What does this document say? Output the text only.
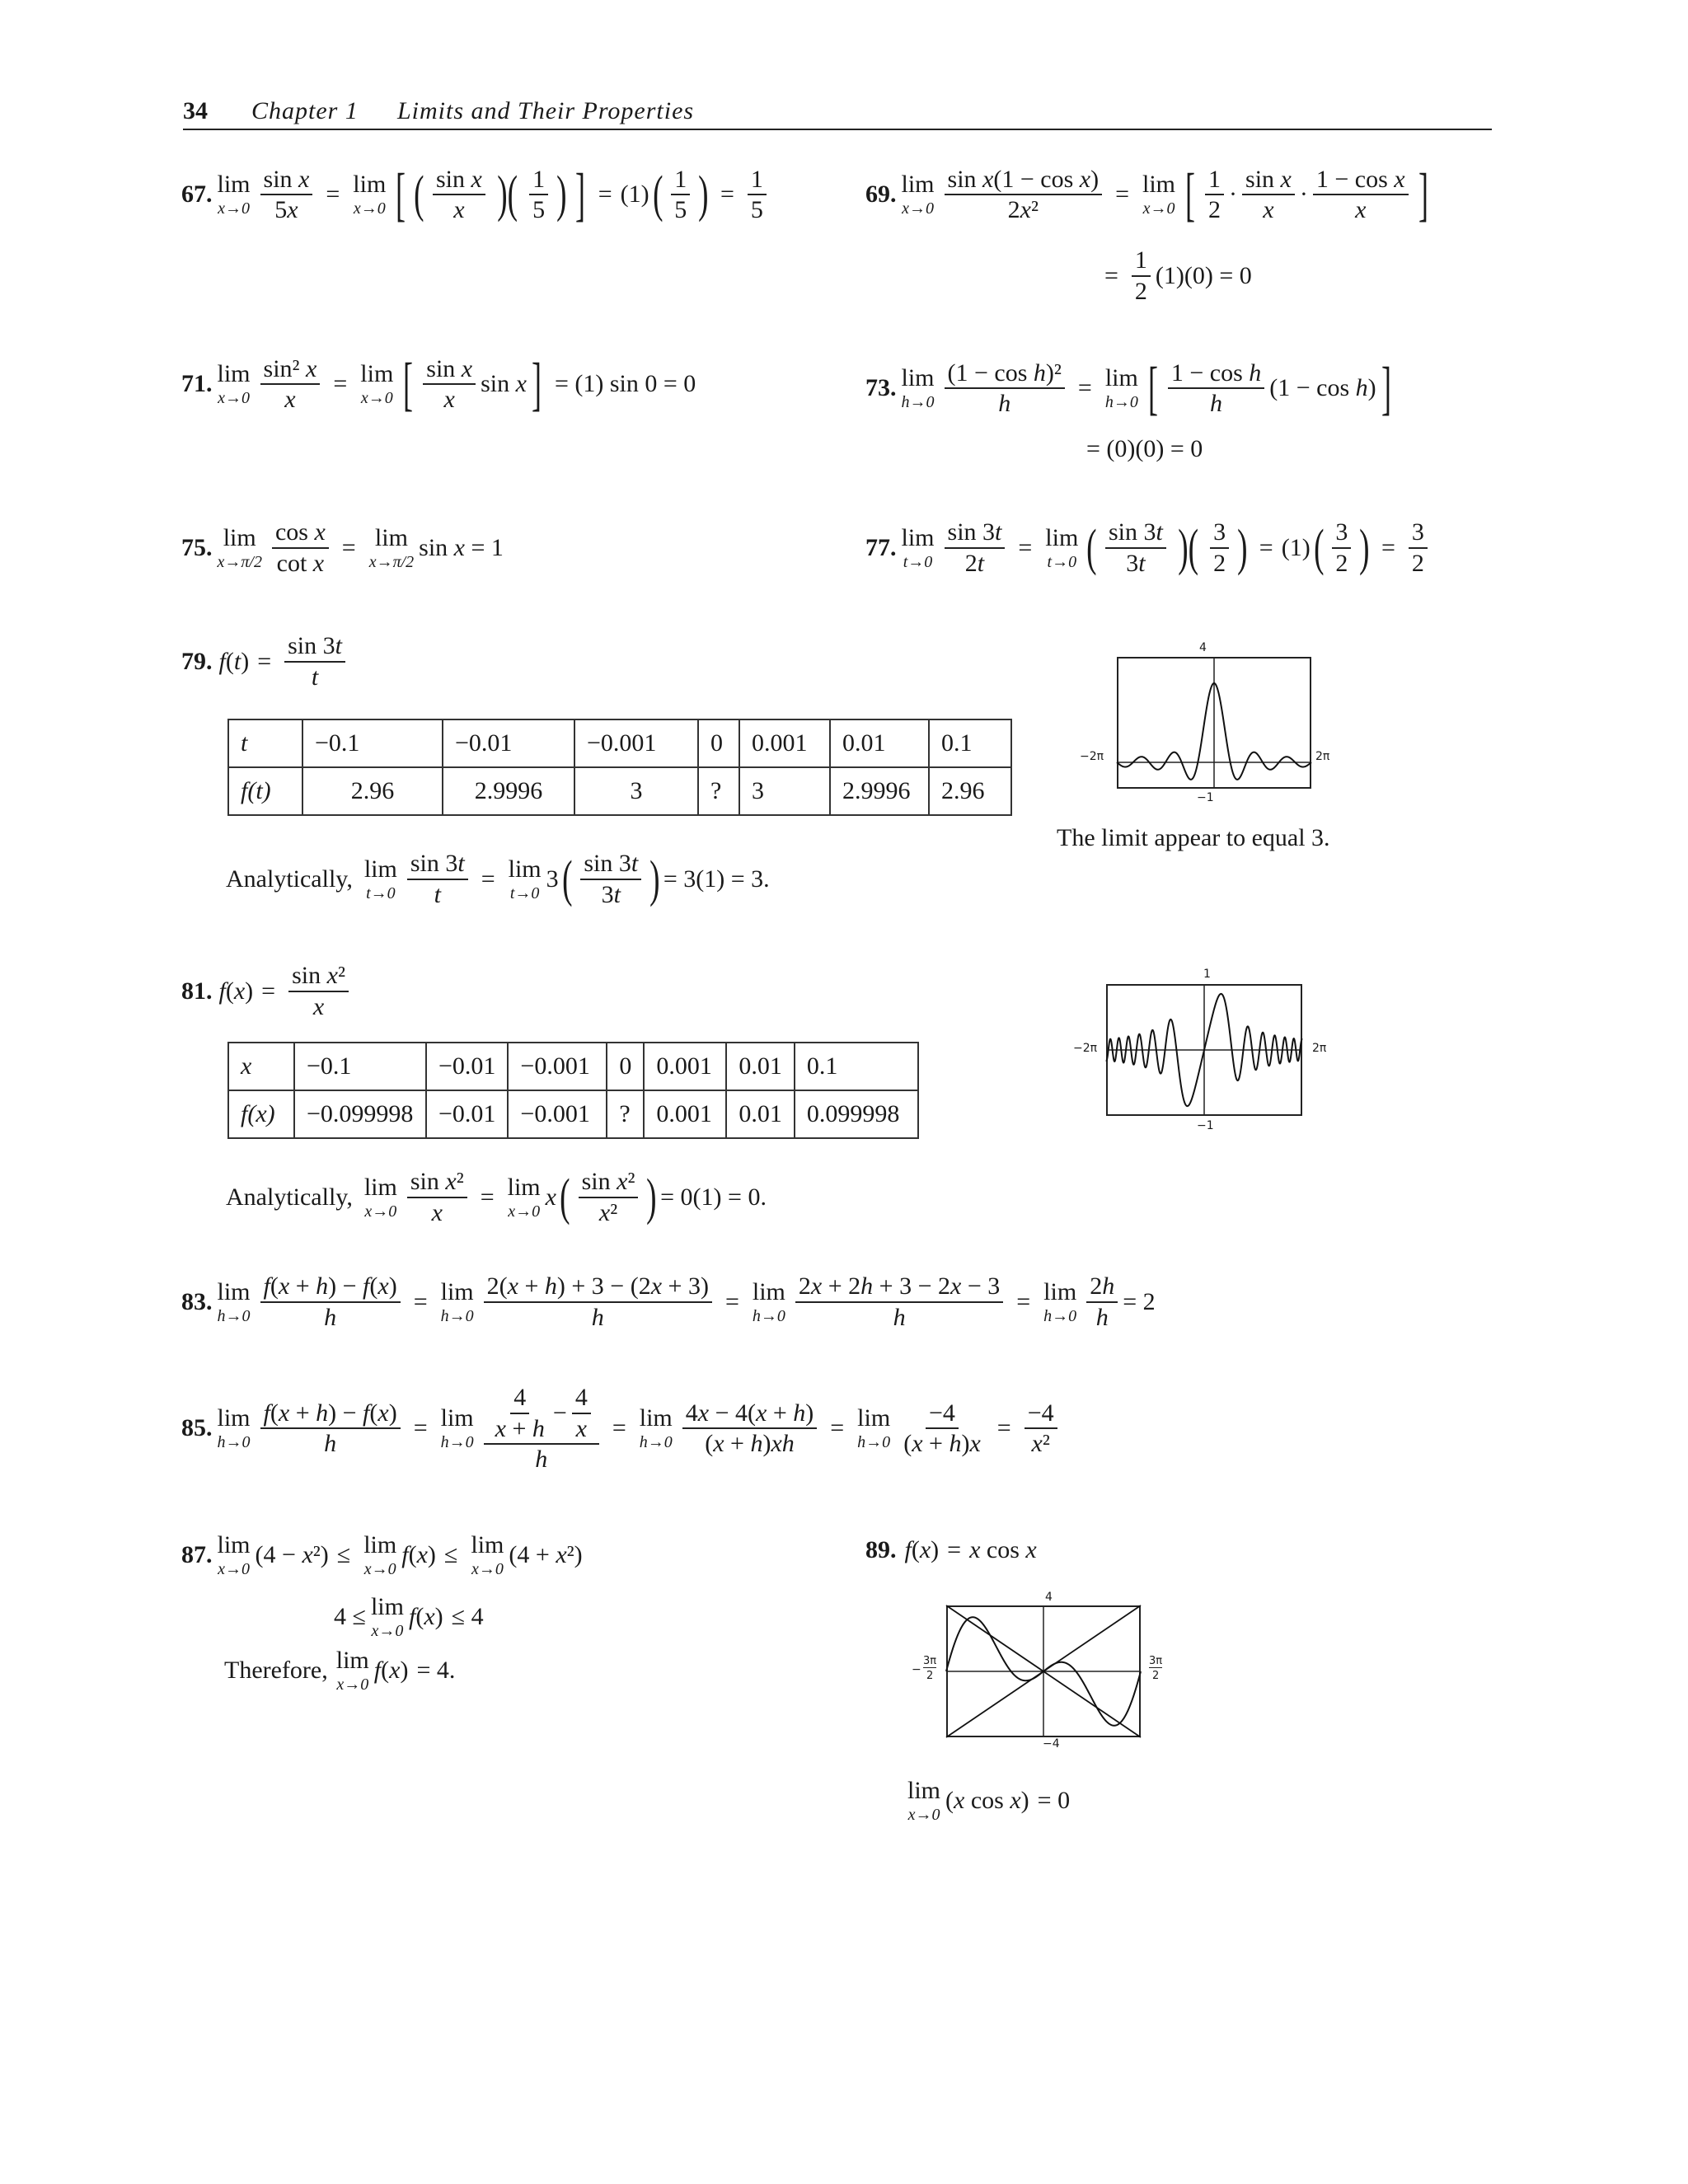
34 Chapter 1 Limits and Their Properties
67. lim
$x\to 0 \frac{\text{sin x}}{5x} = \lim$
x→0 [ ( $\frac{\text{sin x}}{x}$ )( $\frac{1}{5}$ ) ] = (1) ( $\frac{1}{5}$ ) = $\frac{1}{5}$	69. lim
$x\to 0 \frac{\text{sin x(1 − cos x)}}{\text{2x²}} = \lim$
x→0 [ $\frac{1}{2} \cdot \frac{\text{sin x}}{x} \cdot \frac{\text{1 − cos x}}{x}$ ]
= $\frac{1}{2} (1)(0) = 0$
71. lim
$x\to 0 \frac{\text{sin² x}}{x} = \lim$
x→0 [ $\frac{\text{sin x}}{x}$ sin x ] = (1) sin 0 = 0	73. lim
$h\to 0 \frac{\text{(1 − cos h)²}}{h} = \lim$
h→0 [ $\frac{\text{1 − cos h}}{h} (1 - \cos h)$ ]
= (0)(0) = 0
75. lim
$x\to\pi/2 \frac{\text{cos x}}{\text{cot x}} = \lim$
x→π/2
sin x = 1	77. lim
$t\to 0 \frac{\sin 3t}{2t} = \lim$
t→0 ( $\frac{\sin 3t}{3t}$ )( $\frac{3}{2}$ ) = (1) ( $\frac{3}{2}$ ) = $\frac{3}{2}$
79. $f(t) = \frac{\sin 3t}{t}$
t	−0.1	−0.01	−0.001	0	0.001	0.01	0.1
f(t)	2.96	2.9996	3	?	3	2.9996	2.96
Analytically, lim
$t\to 0 \frac{\sin 3t}{t} = \lim$
t→0
3 ( $\frac{\sin 3t}{3t}$ ) = 3(1) = 3.
4
−2π	2π
−1
The limit appear to equal 3.
81. $f(x) = \frac{\text{sin x²}}{x}$
x	−0.1	−0.01	−0.001	0	0.001	0.01	0.1
f(x)	−0.099998	−0.01	−0.001	?	0.001	0.01	0.099998
Analytically, lim
$x\to 0 \frac{\text{sin x²}}{x} = \lim$
x→0
x ( $\frac{\text{sin x²}}{\text{x²}}$ ) = 0(1) = 0.
1
−2π	2π
−1
83. lim
$h\to 0 \frac{f(x + h) - f(x)}{h} = \lim$
$h\to 0 \frac{2(x + h) + 3 - (2x + 3)}{h} = \lim$
$h\to 0 \frac{2x + 2h + 3 - 2x - 3}{h} = \lim$
$h\to 0 \frac{2h}{h} = 2$
85. lim
$h\to 0 \frac{f(x + h) - f(x)}{h} = \lim$
$h\to 0 \frac{\frac{4}{x + h} - \frac{4}{x}}{h} = \lim$
$h\to 0 \frac{4x - 4(x + h)}{(x + h)xh} = \lim$
$h\to 0 \frac{-4}{(x + h)x} = \frac{-4}{\text{x²}}$
87. lim
x→0
(4 − x²) ≤ lim
x→0
f(x) ≤ lim
x→0
(4 + x²)
4 ≤ lim
x→0
f(x) ≤ 4
Therefore, lim
x→0
f(x) = 4.
89. f(x) = x cos x
4
−
3π
2
3π
2
−4
lim
x→0
(x cos x) = 0
